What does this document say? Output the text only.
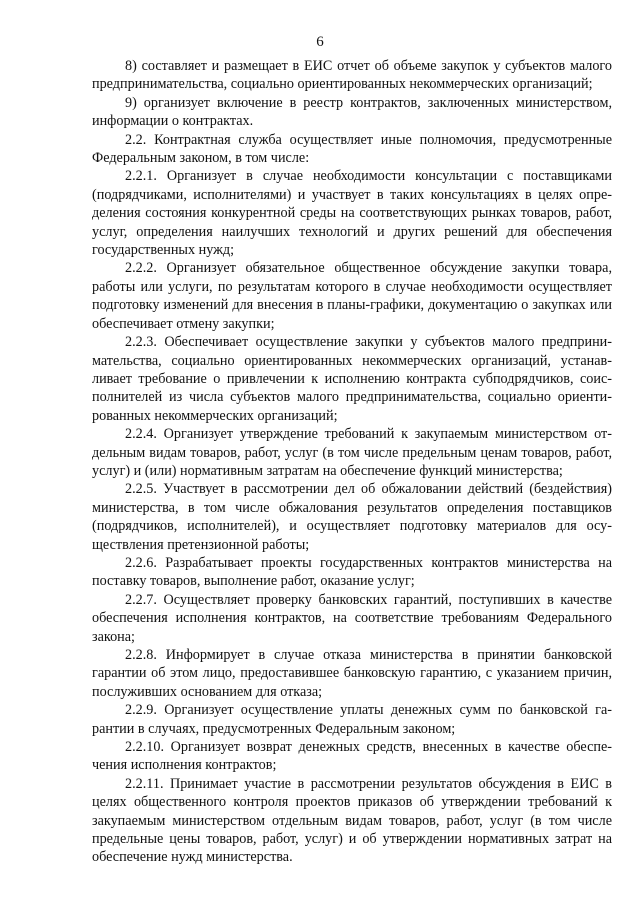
6

8) составляет и размещает в ЕИС отчет об объеме закупок у субъектов малого предпринимательства, социально ориентированных некоммерческих организаций;

9) организует включение в реестр контрактов, заключенных министерством, информации о контрактах.

2.2. Контрактная служба осуществляет иные полномочия, предусмотренные Федеральным законом, в том числе:

2.2.1. Организует в случае необходимости консультации с поставщиками (подрядчиками, исполнителями) и участвует в таких консультациях в целях определения состояния конкурентной среды на соответствующих рынках товаров, работ, услуг, определения наилучших технологий и других решений для обеспечения государственных нужд;

2.2.2. Организует обязательное общественное обсуждение закупки товара, работы или услуги, по результатам которого в случае необходимости осуществляет подготовку изменений для внесения в планы-графики, документацию о закупках или обеспечивает отмену закупки;

2.2.3. Обеспечивает осуществление закупки у субъектов малого предпринимательства, социально ориентированных некоммерческих организаций, устанавливает требование о привлечении к исполнению контракта субподрядчиков, соисполнителей из числа субъектов малого предпринимательства, социально ориентированных некоммерческих организаций;

2.2.4. Организует утверждение требований к закупаемым министерством отдельным видам товаров, работ, услуг (в том числе предельным ценам товаров, работ, услуг) и (или) нормативным затратам на обеспечение функций министерства;

2.2.5. Участвует в рассмотрении дел об обжаловании действий (бездействия) министерства, в том числе обжалования результатов определения поставщиков (подрядчиков, исполнителей), и осуществляет подготовку материалов для осуществления претензионной работы;

2.2.6. Разрабатывает проекты государственных контрактов министерства на поставку товаров, выполнение работ, оказание услуг;

2.2.7. Осуществляет проверку банковских гарантий, поступивших в качестве обеспечения исполнения контрактов, на соответствие требованиям Федерального закона;

2.2.8. Информирует в случае отказа министерства в принятии банковской гарантии об этом лицо, предоставившее банковскую гарантию, с указанием причин, послуживших основанием для отказа;

2.2.9. Организует осуществление уплаты денежных сумм по банковской гарантии в случаях, предусмотренных Федеральным законом;

2.2.10. Организует возврат денежных средств, внесенных в качестве обеспечения исполнения контрактов;

2.2.11. Принимает участие в рассмотрении результатов обсуждения в ЕИС в целях общественного контроля проектов приказов об утверждении требований к закупаемым министерством отдельным видам товаров, работ, услуг (в том числе предельные цены товаров, работ, услуг) и об утверждении нормативных затрат на обеспечение нужд министерства.
